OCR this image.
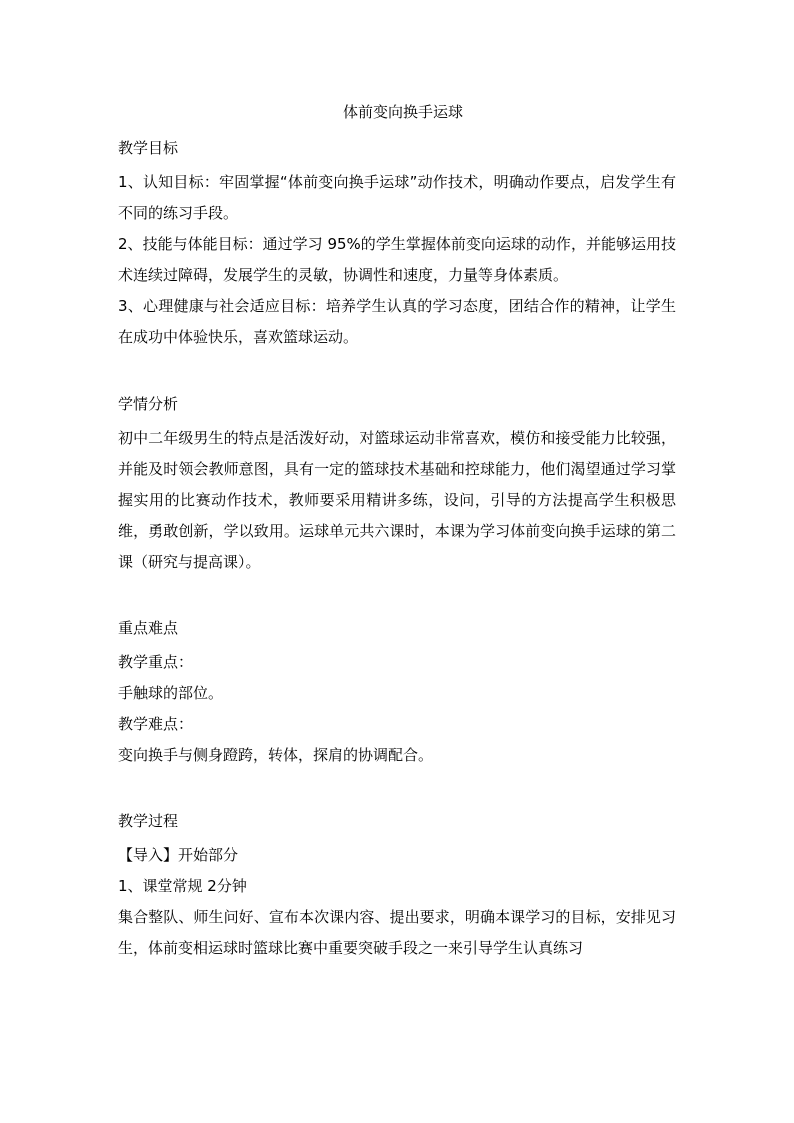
体前变向换手运球
教学目标

1、认知目标：牢固掌握“体前变向换手运球”动作技术，明确动作要点，启发学生有不同的练习手段。

2、技能与体能目标：通过学习 95%的学生掌握体前变向运球的动作，并能够运用技术连续过障碍，发展学生的灵敏，协调性和速度，力量等身体素质。

3、心理健康与社会适应目标：培养学生认真的学习态度，团结合作的精神，让学生在成功中体验快乐，喜欢篮球运动。

学情分析

初中二年级男生的特点是活泼好动，对篮球运动非常喜欢，模仿和接受能力比较强，并能及时领会教师意图，具有一定的篮球技术基础和控球能力，他们渴望通过学习掌握实用的比赛动作技术，教师要采用精讲多练，设问，引导的方法提高学生积极思维，勇敢创新，学以致用。运球单元共六课时，本课为学习体前变向换手运球的第二课（研究与提高课）。

重点难点

教学重点：

手触球的部位。

教学难点：

变向换手与侧身蹬跨，转体，探肩的协调配合。

教学过程

【导入】开始部分

1、课堂常规 2分钟

集合整队、师生问好、宣布本次课内容、提出要求，明确本课学习的目标，安排见习生，体前变相运球时篮球比赛中重要突破手段之一来引导学生认真练习
